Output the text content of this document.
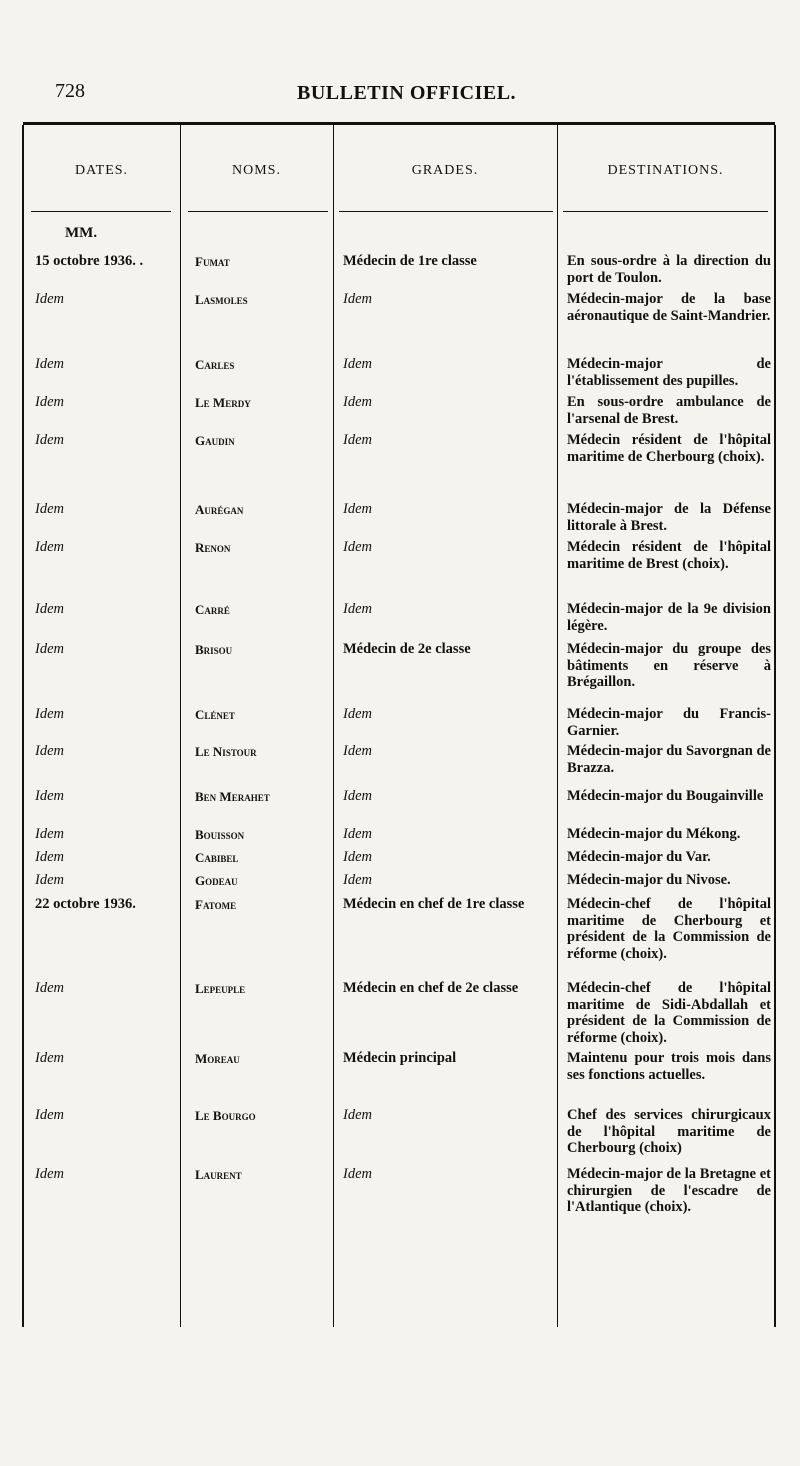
728	BULLETIN OFFICIEL.
DATES.	NOMS.	GRADES.	DESTINATIONS.
MM.
15 octobre 1936. .	Fumat	Médecin de 1re classe	En sous-ordre à la direction du port de Toulon.
Idem	Lasmoles	Idem	Médecin-major de la base aéronautique de Saint-Mandrier.
Idem	Carles	Idem	Médecin-major de l'établissement des pupilles.
Idem	Le Merdy	Idem	En sous-ordre ambulance de l'arsenal de Brest.
Idem	Gaudin	Idem	Médecin résident de l'hôpital maritime de Cherbourg (choix).
Idem	Aurégan	Idem	Médecin-major de la Défense littorale à Brest.
Idem	Renon	Idem	Médecin résident de l'hôpital maritime de Brest (choix).
Idem	Carré	Idem	Médecin-major de la 9e division légère.
Idem	Brisou	Médecin de 2e classe	Médecin-major du groupe des bâtiments en réserve à Brégaillon.
Idem	Clénet	Idem	Médecin-major du Francis-Garnier.
Idem	Le Nistour	Idem	Médecin-major du Savorgnan de Brazza.
Idem	Ben Merahet	Idem	Médecin-major du Bougainville
Idem	Bouisson	Idem	Médecin-major du Mékong.
Idem	Cabibel	Idem	Médecin-major du Var.
Idem	Godeau	Idem	Médecin-major du Nivose.
22 octobre 1936.	Fatome	Médecin en chef de 1re classe	Médecin-chef de l'hôpital maritime de Cherbourg et président de la Commission de réforme (choix).
Idem	Lepeuple	Médecin en chef de 2e classe	Médecin-chef de l'hôpital maritime de Sidi-Abdallah et président de la Commission de réforme (choix).
Idem	Moreau	Médecin principal	Maintenu pour trois mois dans ses fonctions actuelles.
Idem	Le Bourgo	Idem	Chef des services chirurgicaux de l'hôpital maritime de Cherbourg (choix)
Idem	Laurent	Idem	Médecin-major de la Bretagne et chirurgien de l'escadre de l'Atlantique (choix).
